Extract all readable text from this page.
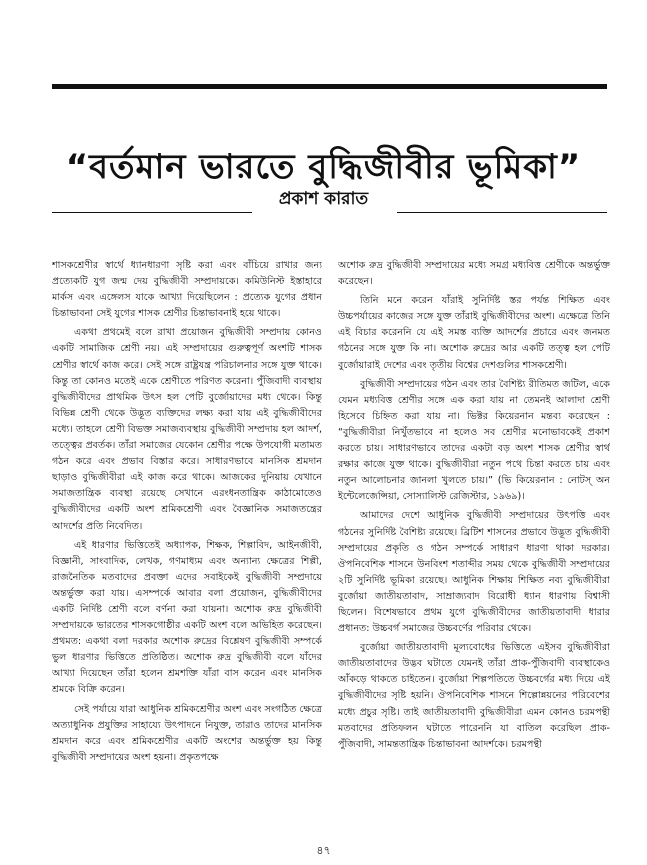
“বর্তমান ভারতে বুদ্ধিজীবীর ভূমিকা”
প্রকাশ কারাত

শাসকশ্রেণীর স্বার্থে ধ্যানধারণা সৃষ্টি করা এবং বাঁচিয়ে রাখার জন্য প্রত্যেকটি যুগ জন্ম দেয় বুদ্ধিজীবী সম্প্রদায়কে। কমিউনিস্ট ইস্তাহারে মার্কস এবং এঙ্গেলস যাকে আখ্যা দিয়েছিলেন : প্রত্যেক যুগের প্রধান চিন্তাভাবনা সেই যুগের শাসক শ্রেণীর চিন্তাভাবনাই হয়ে থাকে।

একথা প্রথমেই বলে রাখা প্রয়োজন বুদ্ধিজীবী সম্প্রদায় কোনও একটি সামাজিক শ্রেণী নয়। এই সম্প্রদায়ের গুরুত্বপূর্ণ অংশটি শাসক শ্রেণীর স্বার্থে কাজ করে। সেই সঙ্গে রাষ্ট্রযন্ত্র পরিচালনার সঙ্গে যুক্ত থাকে। কিন্তু তা কোনও মতেই একে শ্রেণীতে পরিণত করেনা। পুঁজিবাদী ব্যবস্থায় বুদ্ধিজীবীদের প্রাথমিক উৎস হল পেটি বুর্জোয়াদের মধ্য থেকে। কিন্তু বিভিন্ন শ্রেণী থেকে উদ্ভূত ব্যক্তিদের লক্ষ্য করা যায় এই বুদ্ধিজীবীদের মধ্যে। তাহলে শ্রেণী বিভক্ত সমাজব্যবস্থায় বুদ্ধিজীবী সম্প্রদায় হল আদর্শ, তত্ত্বের প্রবর্তক। তাঁরা সমাজের যেকোন শ্রেণীর পক্ষে উপযোগী মতামত গঠন করে এবং প্রভাব বিস্তার করে। সাধারণভাবে মানসিক শ্রমদান ছাড়াও বুদ্ধিজীবীরা এই কাজ করে থাকে। আজকের দুনিয়ায় যেখানে সমাজতান্ত্রিক ব্যবস্থা রয়েছে সেখানে এরংধনতান্ত্রিক কাঠামোতেও বুদ্ধিজীবীদের একটি অংশ শ্রমিকশ্রেণী এবং বৈজ্ঞানিক সমাজতন্ত্রের আদর্শের প্রতি নিবেদিত।

এই ধারণার ভিত্তিতেই অধ্যাপক, শিক্ষক, শিল্পাবিদ, আইনজীবী, বিজ্ঞানী, সাংবাদিক, লেখক, গণমাধ্যম এবং অন্যান্য ক্ষেত্রের শিল্পী, রাজনৈতিক মতবাদের প্রবক্তা এদের সবাইকেই বুদ্ধিজীবী সম্প্রদায়ে অন্তর্ভুক্ত করা যায়। এসম্পর্কে আবার বলা প্রয়োজন, বুদ্ধিজীবীদের একটি নির্দিষ্ট শ্রেণী বলে বর্ণনা করা যায়না। অশোক রুদ্র বুদ্ধিজীবী সম্প্রদায়কে ভারতের শাসকগোষ্ঠীর একটি অংশ বলে অভিহিত করেছেন। প্রথমত: একথা বলা দরকার অশোক রুদ্রের বিশ্লেষণ বুদ্ধিজীবী সম্পর্কে ভুল ধারণার ভিত্তিতে প্রতিষ্ঠিত। অশোক রুদ্র বুদ্ধিজীবী বলে যাঁদের আখ্যা দিয়েছেন তাঁরা হলেন শ্রমশক্তি যাঁরা বাস করেন এবং মানসিক শ্রমকে বিক্রি করেন।

সেই পর্যায়ে যারা আধুনিক শ্রমিকশ্রেণীর অংশ এবং সংগঠিত ক্ষেত্রে অত্যাধুনিক প্রযুক্তির সাহায্যে উৎপাদনে নিযুক্ত, তারাও তাদের মানসিক শ্রমদান করে এবং শ্রমিকশ্রেণীর একটি অংশের অন্তর্ভুক্ত হয় কিন্তু বুদ্ধিজীবী সম্প্রদায়ের অংশ হয়না। প্রকৃতপক্ষে

অশোক রুদ্র বুদ্ধিজীবী সম্প্রদায়ের মধ্যে সমগ্র মধ্যবিত্ত শ্রেণীকে অন্তর্ভুক্ত করেছেন।

তিনি মনে করেন যাঁরাই সুনির্দিষ্ট স্তর পর্যন্ত শিক্ষিত এবং উচ্চপর্যায়ের কাজের সঙ্গে যুক্ত তাঁরাই বুদ্ধিজীবীদের অংশ। এক্ষেত্রে তিনি এই বিচার করেননি যে এই সমস্ত ব্যক্তি আদর্শের প্রচারে এবং জনমত গঠনের সঙ্গে যুক্ত কি না। অশোক রুদ্রের আর একটি তত্ত্ব হল পেটি বুর্জোয়ারাই দেশের এবং তৃতীয় বিশ্বের দেশগুলির শাসকশ্রেণী।

বুদ্ধিজীবী সম্প্রদায়ের গঠন এবং তার বৈশিষ্ট্য রীতিমত জটিল, একে যেমন মধ্যবিত্ত শ্রেণীর সঙ্গে এক করা যায় না তেমনই আলাদা শ্রেণী হিসেবে চিহ্নিত করা যায় না। ভিক্টর কিয়েরনান মন্তব্য করেছেন : “বুদ্ধিজীবীরা নিখুঁতভাবে না হলেও সব শ্রেণীর মনোভাবকেই প্রকাশ করতে চায়। সাধারণভাবে তাদের একটা বড় অংশ শাসক শ্রেণীর স্বার্থ রক্ষার কাজে যুক্ত থাকে। বুদ্ধিজীবীরা নতুন পথে চিন্তা করতে চায় এবং নতুন আলোচনার জানলা খুলতে চায়।” (ভি কিয়েরনান : নোটস্ অন ইন্টেলেজেন্সিয়া, সোস্যালিস্ট রেজিস্টার, ১৯৬৯)।

আমাদের দেশে আধুনিক বুদ্ধিজীবী সম্প্রদায়ের উৎপত্তি এবং গঠনের সুনির্দিষ্ট বৈশিষ্ট্য রয়েছে। ব্রিটিশ শাসনের প্রভাবে উদ্ভূত বুদ্ধিজীবী সম্প্রদায়ের প্রকৃতি ও গঠন সম্পর্কে সাধারণ ধারণা থাকা দরকার। ঔপনিবেশিক শাসনে উনবিংশ শতাব্দীর সময় থেকে বুদ্ধিজীবী সম্প্রদায়ের ২টি সুনির্দিষ্ট ভূমিকা রয়েছে। আধুনিক শিক্ষায় শিক্ষিত নব্য বুদ্ধিজীবীরা বুর্জোয়া জাতীয়তাবাদ, সাম্রাজ্যবাদ বিরোধী ধ্যান ধারণায় বিশ্বাসী ছিলেন। বিশেষভাবে প্রথম যুগে বুদ্ধিজীবীদের জাতীয়তাবাদী ধারার প্রধানত: উচ্চবর্গ সমাজের উচ্চবর্ণের পরিবার থেকে।

বুর্জোয়া জাতীয়তাবাদী মূল্যবোধের ভিত্তিতে এইসব বুদ্ধিজীবীরা জাতীয়তাবাদের উদ্ভব ঘটাতে যেমনই তাঁরা প্রাক-পুঁজিবাদী ব্যবস্থাকেও আঁকড়ে থাকতে চাইতেন। বুর্জোয়া শিল্পপতিতে উচ্চবর্গের মধ্য দিয়ে এই বুদ্ধিজীবীদের সৃষ্টি হয়নি। ঔপনিবেশিক শাসনে শিল্পোন্নয়নের পরিবেশের মধ্যে প্রচুর সৃষ্টি। তাই জাতীয়তাবাদী বুদ্ধিজীবীরা এমন কোনও চরমপন্থী মতবাদের প্রতিফলন ঘটাতে পারেননি যা বাতিল করেছিল প্রাক-পুঁজিবাদী, সামন্ততান্ত্রিক চিন্তাভাবনা আদর্শকে। চরমপন্থী

৪৭
